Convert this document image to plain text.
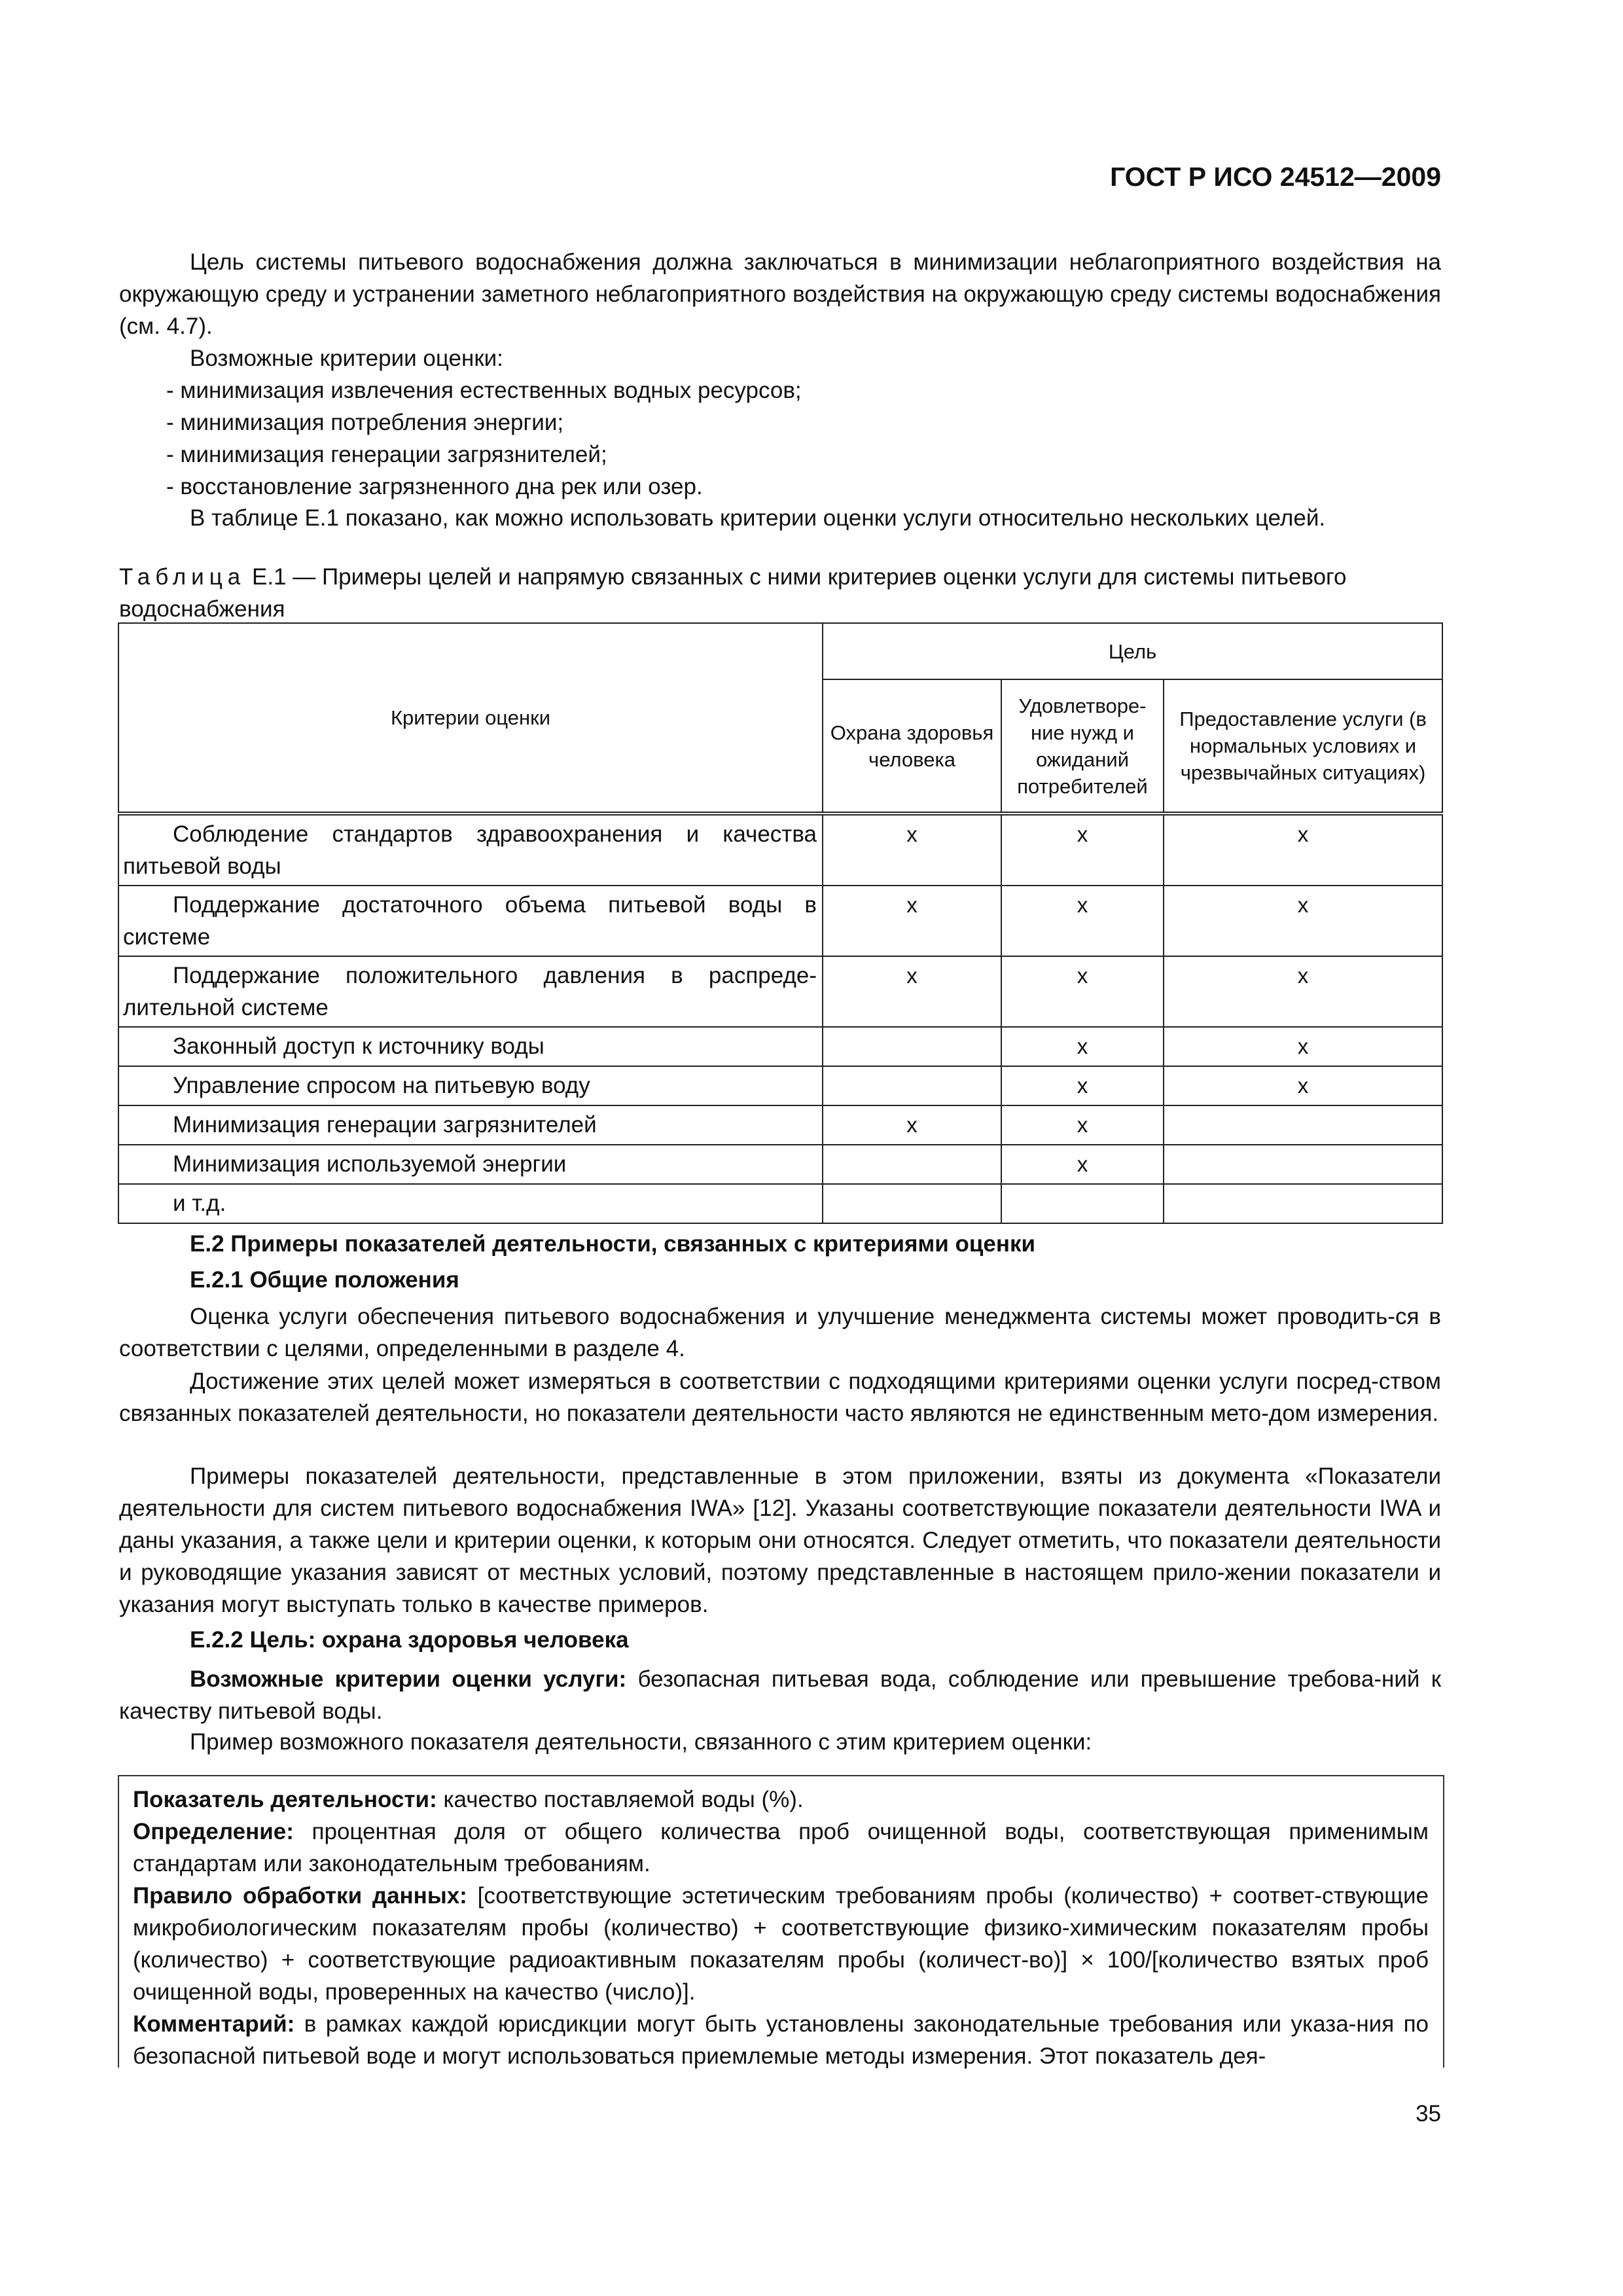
ГОСТ Р ИСО 24512—2009
Цель системы питьевого водоснабжения должна заключаться в минимизации неблагоприятного воздействия на окружающую среду и устранении заметного неблагоприятного воздействия на окружающую среду системы водоснабжения (см. 4.7).
Возможные критерии оценки:
- минимизация извлечения естественных водных ресурсов;
- минимизация потребления энергии;
- минимизация генерации загрязнителей;
- восстановление загрязненного дна рек или озер.
В таблице Е.1 показано, как можно использовать критерии оценки услуги относительно нескольких целей.
Таблица Е.1 — Примеры целей и напрямую связанных с ними критериев оценки услуги для системы питьевого водоснабжения
Критерии оценки	Цель		
	Охрана здоровья человека	Удовлетворе-ние нужд и ожиданий потребителей	Предоставление услуги (в нормальных условиях и чрезвычайных ситуациях)
Соблюдение стандартов здравоохранения и качества питьевой воды	x	x	x
Поддержание достаточного объема питьевой воды в системе	x	x	x
Поддержание положительного давления в распреде-лительной системе	x	x	x
Законный доступ к источнику воды		x	x
Управление спросом на питьевую воду		x	x
Минимизация генерации загрязнителей	x	x	
Минимизация используемой энергии		x	
и т.д.			
Е.2 Примеры показателей деятельности, связанных с критериями оценки
Е.2.1 Общие положения
Оценка услуги обеспечения питьевого водоснабжения и улучшение менеджмента системы может проводить-ся в соответствии с целями, определенными в разделе 4.
Достижение этих целей может измеряться в соответствии с подходящими критериями оценки услуги посред-ством связанных показателей деятельности, но показатели деятельности часто являются не единственным мето-дом измерения.
Примеры показателей деятельности, представленные в этом приложении, взяты из документа «Показатели деятельности для систем питьевого водоснабжения IWA» [12]. Указаны соответствующие показатели деятельности IWA и даны указания, а также цели и критерии оценки, к которым они относятся. Следует отметить, что показатели деятельности и руководящие указания зависят от местных условий, поэтому представленные в настоящем прило-жении показатели и указания могут выступать только в качестве примеров.
Е.2.2 Цель: охрана здоровья человека
Возможные критерии оценки услуги: безопасная питьевая вода, соблюдение или превышение требова-ний к качеству питьевой воды.
Пример возможного показателя деятельности, связанного с этим критерием оценки:
Показатель деятельности: качество поставляемой воды (%).
Определение: процентная доля от общего количества проб очищенной воды, соответствующая применимым стандартам или законодательным требованиям.
Правило обработки данных: [соответствующие эстетическим требованиям пробы (количество) + соответ-ствующие микробиологическим показателям пробы (количество) + соответствующие физико-химическим показателям пробы (количество) + соответствующие радиоактивным показателям пробы (количест-во)] × 100/[количество взятых проб очищенной воды, проверенных на качество (число)].
Комментарий: в рамках каждой юрисдикции могут быть установлены законодательные требования или указа-ния по безопасной питьевой воде и могут использоваться приемлемые методы измерения. Этот показатель дея-
35
